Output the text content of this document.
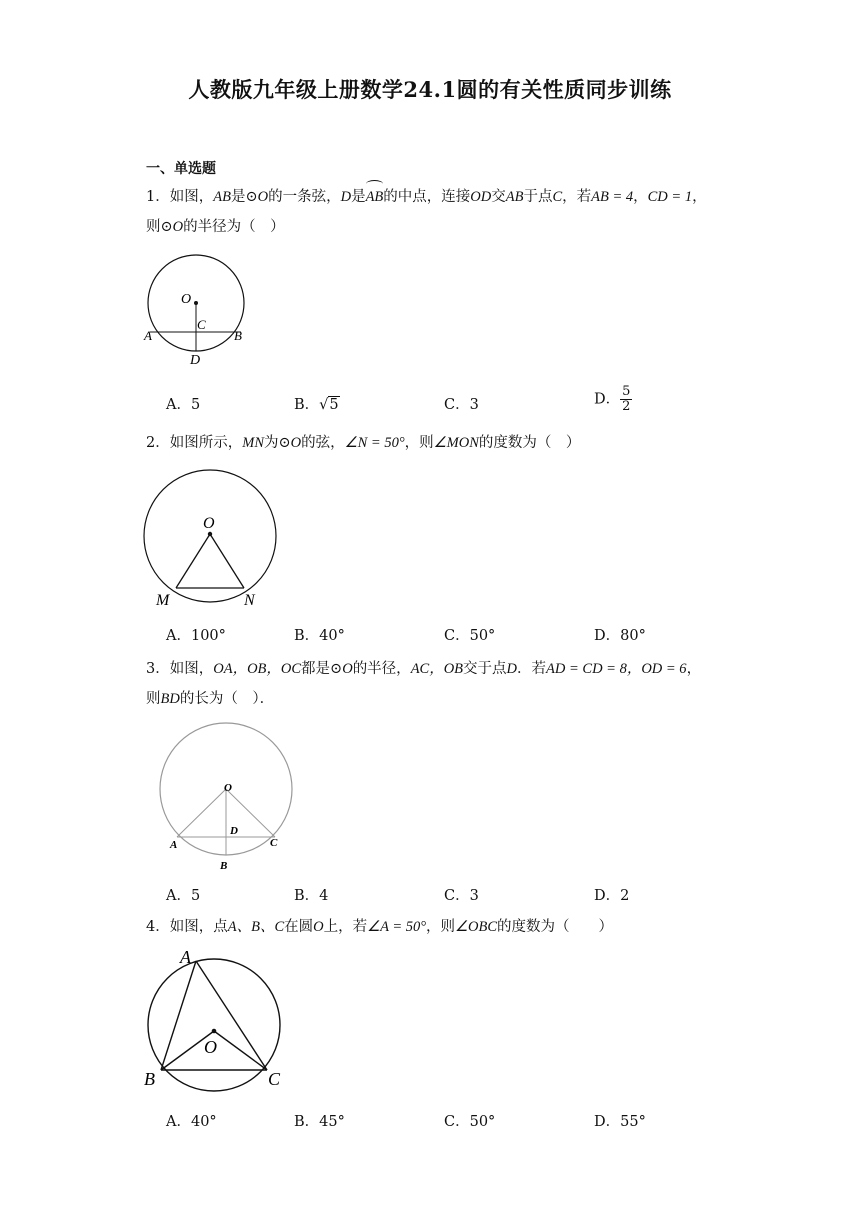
人教版九年级上册数学24.1圆的有关性质同步训练
一、单选题
1．如图，AB是⊙O的一条弦，D是AB的中点，连接OD交AB于点C，若AB = 4，CD = 1，
则⊙O的半径为（　）
O
C
A	B
D
A．5	B．√5	C．3	D． $\frac{5}{2}$
2．如图所示，MN为⊙O的弦，∠N = 50°，则∠MON的度数为（　）
O
M	N
A．100°	B．40°	C．50°	D．80°
3．如图，OA，OB，OC都是⊙O的半径，AC，OB交于点D．若AD = CD = 8，OD = 6，
则BD的长为（　）．
O
D
A
B
C
A．5	B．4	C．3	D．2
4．如图，点A、B、C在圆O上，若∠A = 50°，则∠OBC的度数为（　　）
A
O
B	C
A．40°	B．45°	C．50°	D．55°
